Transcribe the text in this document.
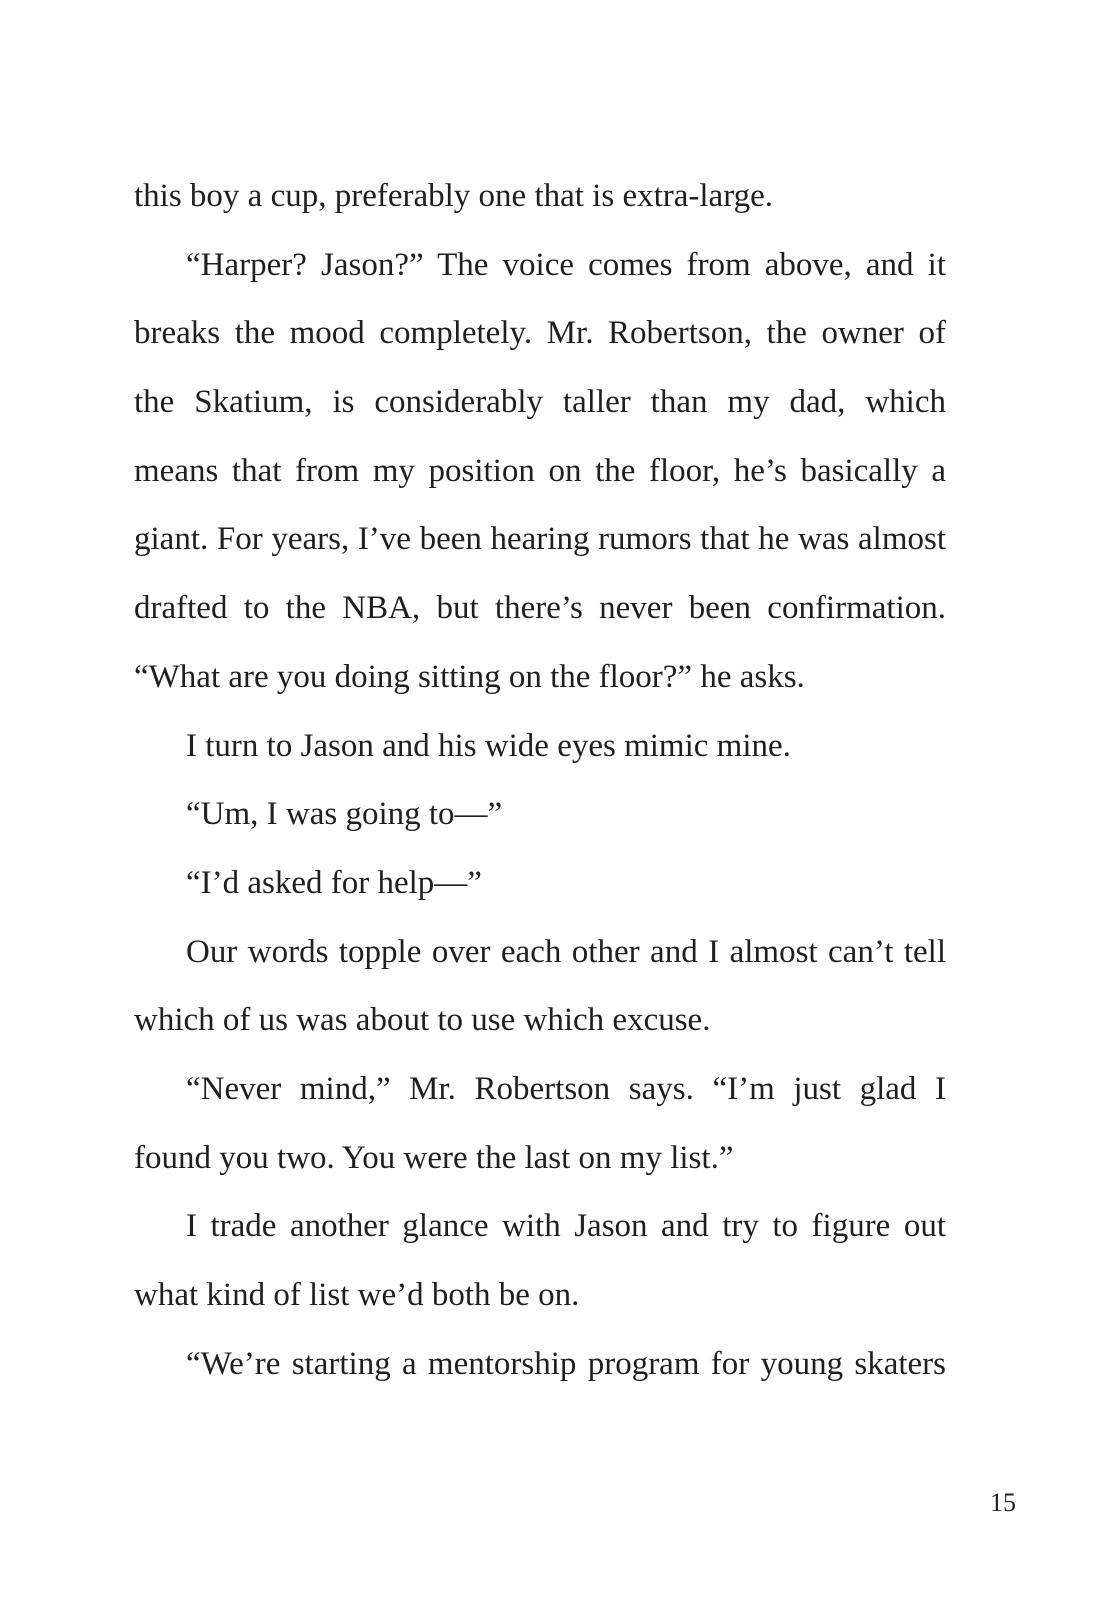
this boy a cup, preferably one that is extra-large.
“Harper? Jason?” The voice comes from above, and it
breaks the mood completely. Mr. Robertson, the owner of
the Skatium, is considerably taller than my dad, which
means that from my position on the floor, he’s basically a
giant. For years, I’ve been hearing rumors that he was almost
drafted to the NBA, but there’s never been confirmation.
“What are you doing sitting on the floor?” he asks.
I turn to Jason and his wide eyes mimic mine.
“Um, I was going to—”
“I’d asked for help—”
Our words topple over each other and I almost can’t tell
which of us was about to use which excuse.
“Never mind,” Mr. Robertson says. “I’m just glad I
found you two. You were the last on my list.”
I trade another glance with Jason and try to figure out
what kind of list we’d both be on.
“We’re starting a mentorship program for young skaters
15
